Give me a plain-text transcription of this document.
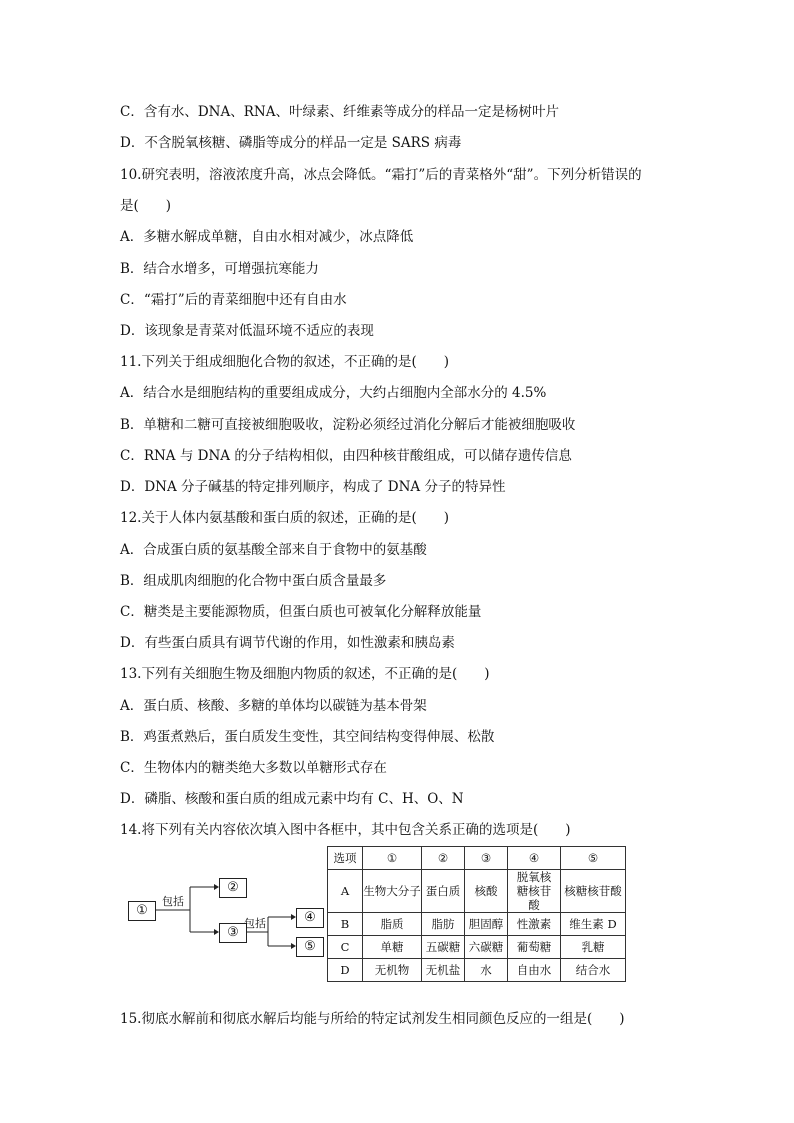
C．含有水、DNA、RNA、叶绿素、纤维素等成分的样品一定是杨树叶片
D．不含脱氧核糖、磷脂等成分的样品一定是 SARS 病毒
10.研究表明，溶液浓度升高，冰点会降低。“霜打”后的青菜格外“甜”。下列分析错误的
是(　　)
A．多糖水解成单糖，自由水相对减少，冰点降低
B．结合水增多，可增强抗寒能力
C．“霜打”后的青菜细胞中还有自由水
D．该现象是青菜对低温环境不适应的表现
11.下列关于组成细胞化合物的叙述，不正确的是(　　)
A．结合水是细胞结构的重要组成成分，大约占细胞内全部水分的 4.5%
B．单糖和二糖可直接被细胞吸收，淀粉必须经过消化分解后才能被细胞吸收
C．RNA 与 DNA 的分子结构相似，由四种核苷酸组成，可以储存遗传信息
D．DNA 分子碱基的特定排列顺序，构成了 DNA 分子的特异性
12.关于人体内氨基酸和蛋白质的叙述，正确的是(　　)
A．合成蛋白质的氨基酸全部来自于食物中的氨基酸
B．组成肌肉细胞的化合物中蛋白质含量最多
C．糖类是主要能源物质，但蛋白质也可被氧化分解释放能量
D．有些蛋白质具有调节代谢的作用，如性激素和胰岛素
13.下列有关细胞生物及细胞内物质的叙述，不正确的是(　　)
A．蛋白质、核酸、多糖的单体均以碳链为基本骨架
B．鸡蛋煮熟后，蛋白质发生变性，其空间结构变得伸展、松散
C．生物体内的糖类绝大多数以单糖形式存在
D．磷脂、核酸和蛋白质的组成元素中均有 C、H、O、N
14.将下列有关内容依次填入图中各框中，其中包含关系正确的选项是(　　)
15.彻底水解前和彻底水解后均能与所给的特定试剂发生相同颜色反应的一组是(　　)
①
②
③
④
⑤
包括
包括
选项	①	②	③	④	⑤
A	生物大分子	蛋白质	核酸	脱氧核糖核苷酸	核糖核苷酸
B	脂质	脂肪	胆固醇	性激素	维生素 D
C	单糖	五碳糖	六碳糖	葡萄糖	乳糖
D	无机物	无机盐	水	自由水	结合水
